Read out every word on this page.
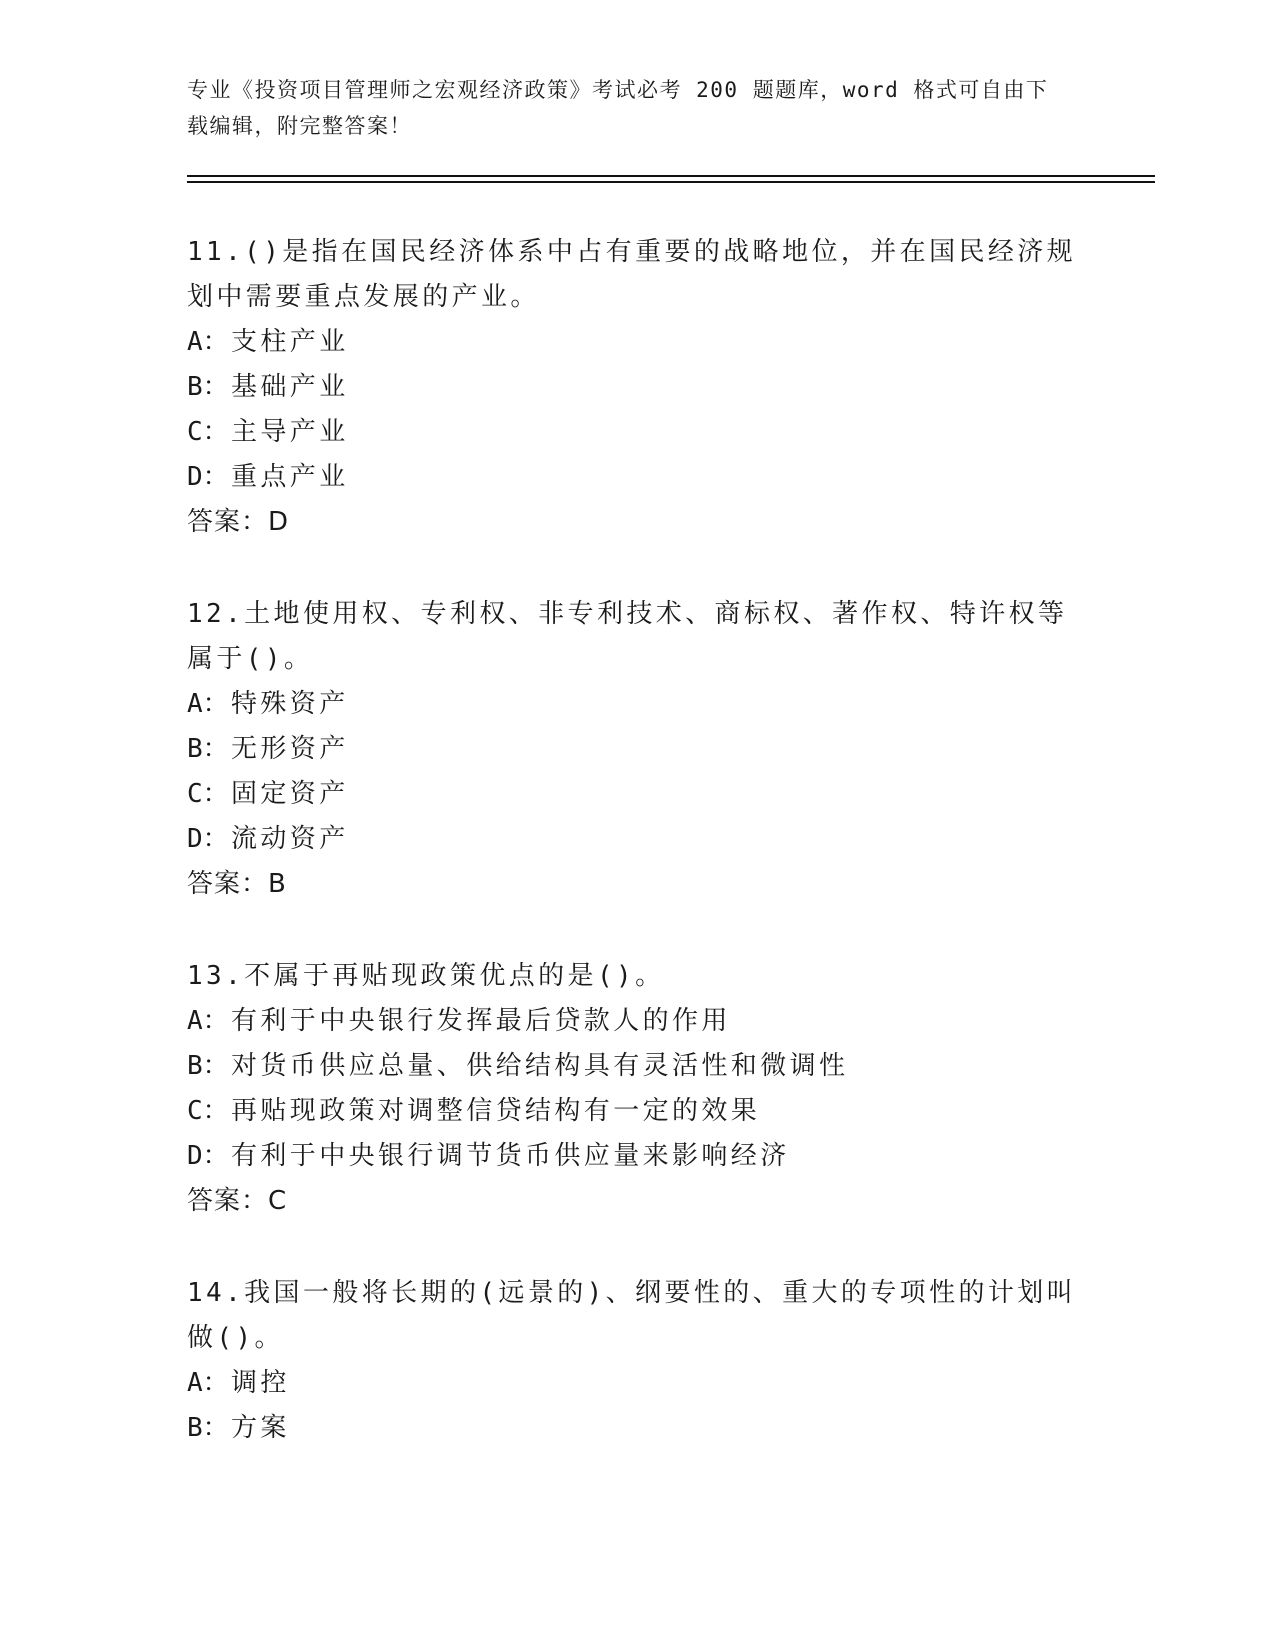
专业《投资项目管理师之宏观经济政策》考试必考 200 题题库，word 格式可自由下载编辑，附完整答案！
11.()是指在国民经济体系中占有重要的战略地位，并在国民经济规划中需要重点发展的产业。
A：支柱产业
B：基础产业
C：主导产业
D：重点产业
答案：D
12.土地使用权、专利权、非专利技术、商标权、著作权、特许权等属于()。
A：特殊资产
B：无形资产
C：固定资产
D：流动资产
答案：B
13.不属于再贴现政策优点的是()。
A：有利于中央银行发挥最后贷款人的作用
B：对货币供应总量、供给结构具有灵活性和微调性
C：再贴现政策对调整信贷结构有一定的效果
D：有利于中央银行调节货币供应量来影响经济
答案：C
14.我国一般将长期的(远景的)、纲要性的、重大的专项性的计划叫做()。
A：调控
B：方案
